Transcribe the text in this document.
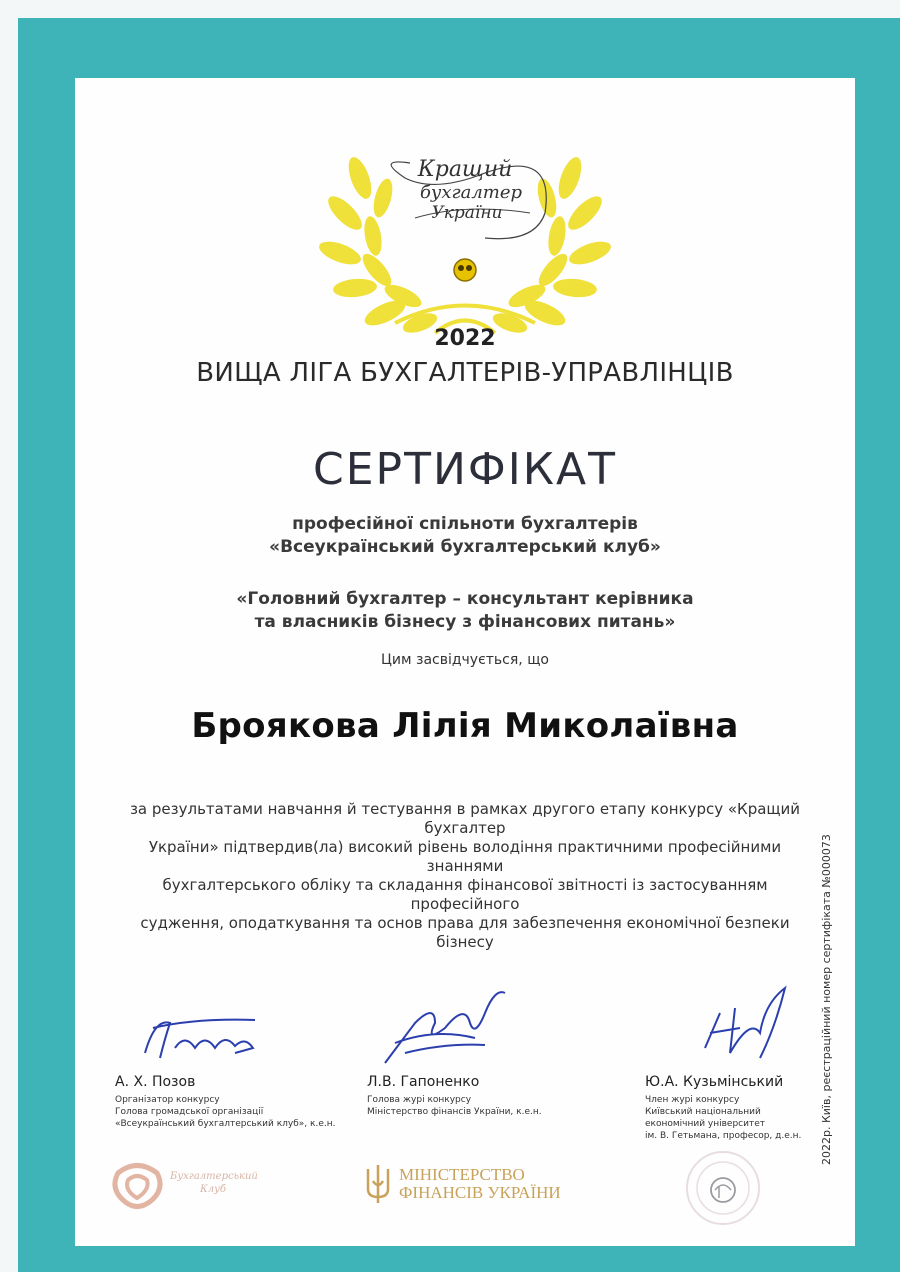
Кращий
бухгалтер
України
2022
ВИЩА ЛІГА БУХГАЛТЕРІВ-УПРАВЛІНЦІВ
СЕРТИФІКАТ
професійної спільноти бухгалтерів
«Всеукраїнський бухгалтерський клуб»
«Головний бухгалтер – консультант керівника
та власників бізнесу з фінансових питань»
Цим засвідчується, що
Броякова Лілія Миколаївна
за результатами навчання й тестування в рамках другого етапу конкурсу «Кращий бухгалтер
України» підтвердив(ла) високий рівень володіння практичними професійними знаннями
бухгалтерського обліку та складання фінансової звітності із застосуванням професійного
судження, оподаткування та основ права для забезпечення економічної безпеки бізнесу
А. Х. Позов
Організатор конкурсу
Голова громадської організації
«Всеукраїнський бухгалтерський клуб», к.е.н.
Л.В. Гапоненко
Голова журі конкурсу
Міністерство фінансів України, к.е.н.
Ю.А. Кузьмінський
Член журі конкурсу
Київський національний
економічний університет
ім. В. Гетьмана, професор, д.е.н.
Бухгалтерський
Клуб
МІНІСТЕРСТВО
ФІНАНСІВ УКРАЇНИ
2022р. Київ, реєстраційний номер сертифіката №000073
